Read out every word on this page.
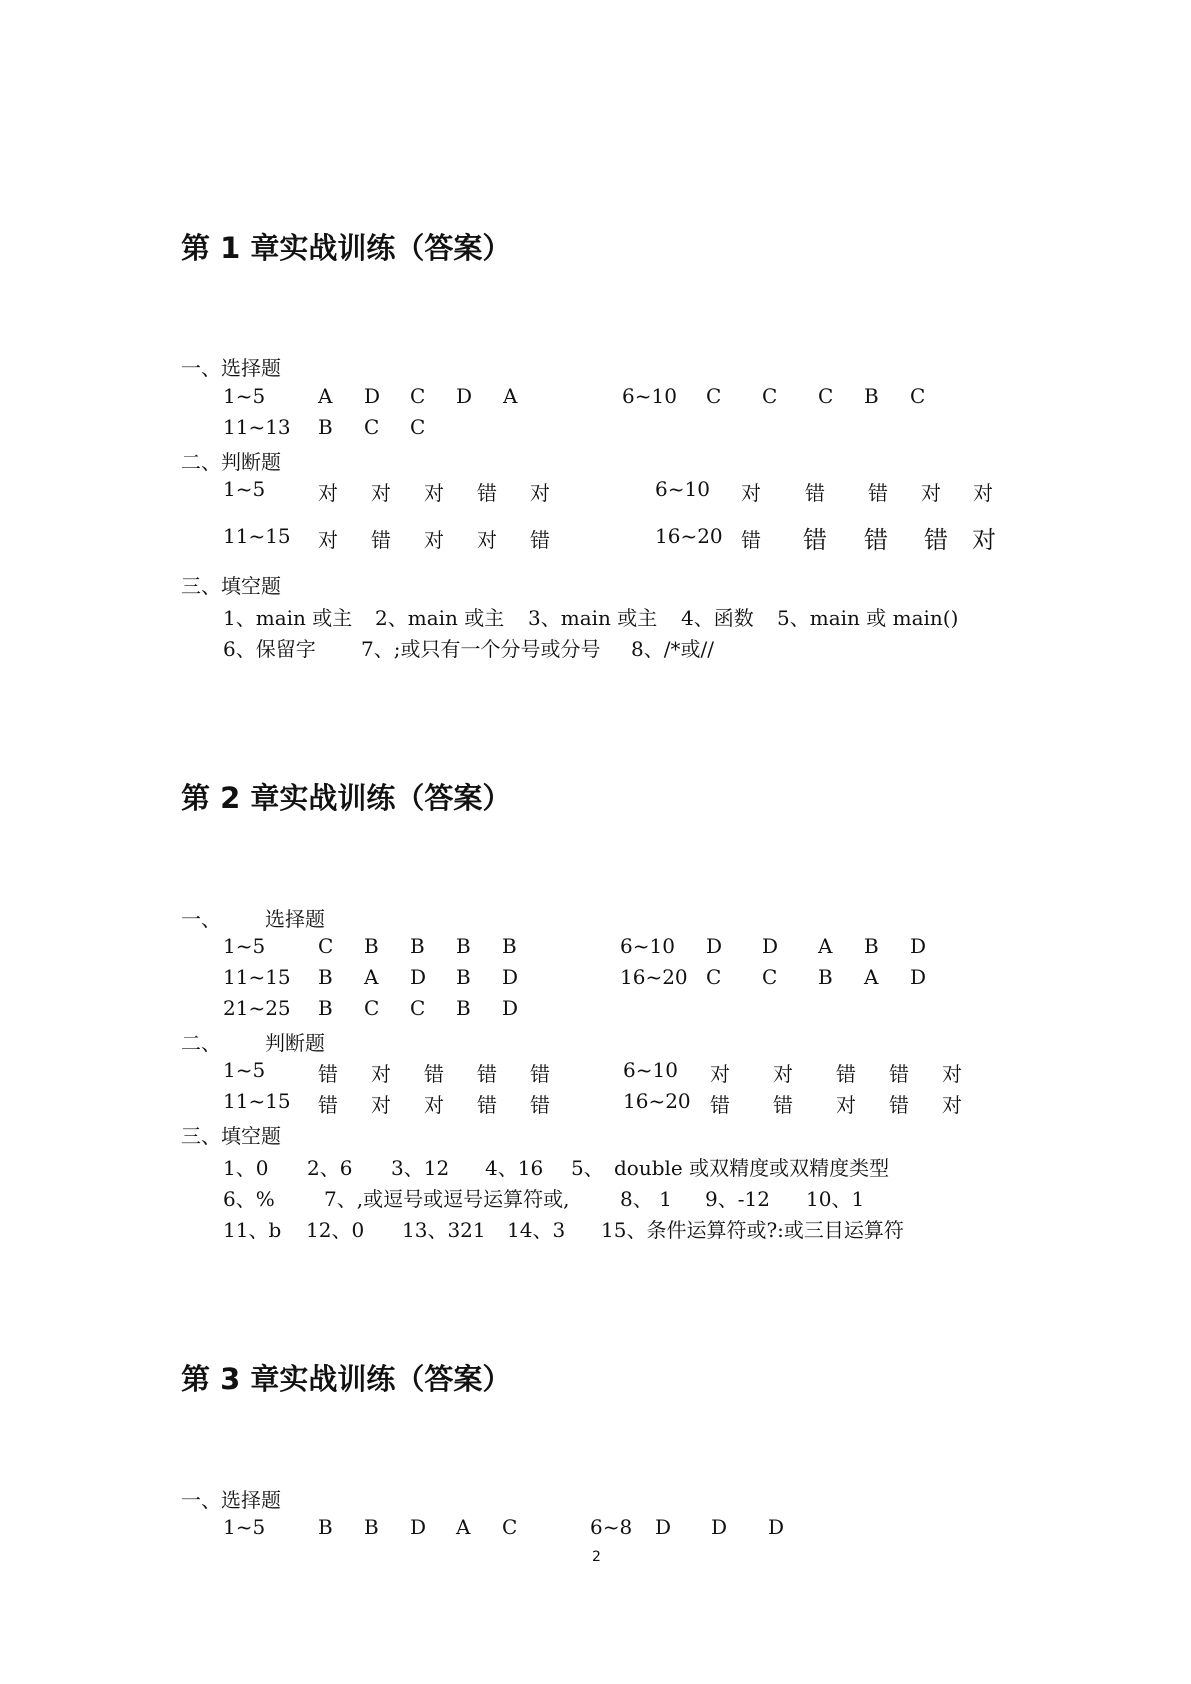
第 1 章实战训练（答案）
一、选择题
1~5	A D C D A	6~10 C C C B C
11~13 B C C
二、判断题
1~5	对 对 对 错 对	6~10 对 错 错 对 对
11~15 对 错 对 对 错	16~20 错 错 错 错 对
三、填空题
1、main 或主 2、main 或主 3、main 或主 4、函数 5、main 或 main()
6、保留字 7、;或只有一个分号或分号 8、/*或//
第 2 章实战训练（答案）
一、 选择题
1~5	C B B B B	6~10 D D A B D
11~15 B A D B D	16~20 C C B A D
21~25 B C C B D
二、 判断题
1~5	错 对 错 错 错	6~10 对 对 错 错 对
11~15 错 对 对 错 错	16~20 错 错 对 错 对
三、填空题
1、0 2、6 3、12 4、16 5、 double 或双精度或双精度类型
6、% 7、,或逗号或逗号运算符或,	8、 1 9、-12 10、1
11、b 12、0 13、321 14、3 15、条件运算符或?:或三目运算符
第 3 章实战训练（答案）
一、选择题
1~5	B B D A C	6~8 D D D
2
